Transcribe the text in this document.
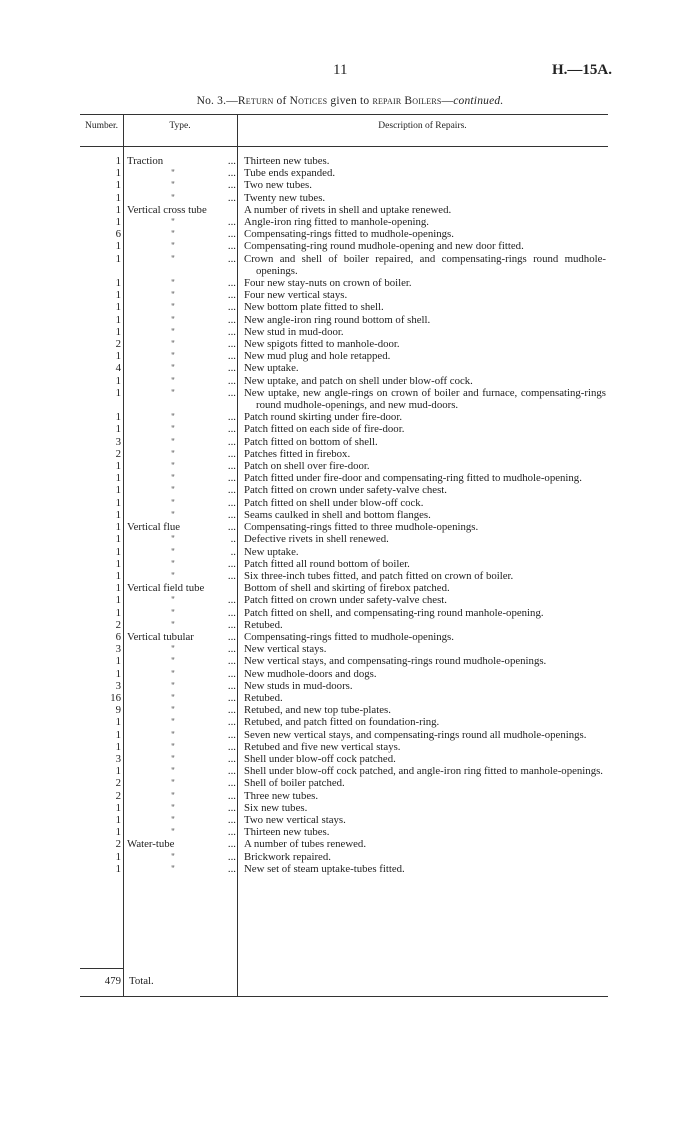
11	H.—15A.
No. 3.—Return of Notices given to repair Boilers—continued.
Number.	Type.	Description of Repairs.
1 Traction	... Thirteen new tubes.
1	"	... Tube ends expanded.
1	"	... Two new tubes.
1	"	... Twenty new tubes.
1 Vertical cross tube	A number of rivets in shell and uptake renewed.
1	"	... Angle-iron ring fitted to manhole-opening.
6	"	... Compensating-rings fitted to mudhole-openings.
1	"	... Compensating-ring round mudhole-opening and new door fitted.
1	"	... Crown and shell of boiler repaired, and compensating-rings round mudhole-openings.
1	"	... Four new stay-nuts on crown of boiler.
1	"	... Four new vertical stays.
1	"	... New bottom plate fitted to shell.
1	"	... New angle-iron ring round bottom of shell.
1	"	... New stud in mud-door.
2	"	... New spigots fitted to manhole-door.
1	"	... New mud plug and hole retapped.
4	"	... New uptake.
1	"	... New uptake, and patch on shell under blow-off cock.
1	"	... New uptake, new angle-rings on crown of boiler and furnace, compensating-rings round mudhole-openings, and new mud-doors.
1	"	... Patch round skirting under fire-door.
1	"	... Patch fitted on each side of fire-door.
3	"	... Patch fitted on bottom of shell.
2	"	... Patches fitted in firebox.
1	"	... Patch on shell over fire-door.
1	"	... Patch fitted under fire-door and compensating-ring fitted to mudhole-opening.
1	"	... Patch fitted on crown under safety-valve chest.
1	"	... Patch fitted on shell under blow-off cock.
1	"	... Seams caulked in shell and bottom flanges.
1 Vertical flue	... Compensating-rings fitted to three mudhole-openings.
1	"	.. Defective rivets in shell renewed.
1	"	.. New uptake.
1	"	... Patch fitted all round bottom of boiler.
1	"	... Six three-inch tubes fitted, and patch fitted on crown of boiler.
1 Vertical field tube	Bottom of shell and skirting of firebox patched.
1	"	... Patch fitted on crown under safety-valve chest.
1	"	... Patch fitted on shell, and compensating-ring round manhole-opening.
2	"	... Retubed.
6 Vertical tubular	... Compensating-rings fitted to mudhole-openings.
3	"	... New vertical stays.
1	"	... New vertical stays, and compensating-rings round mudhole-openings.
1	"	... New mudhole-doors and dogs.
3	"	... New studs in mud-doors.
16	"	... Retubed.
9	"	... Retubed, and new top tube-plates.
1	"	... Retubed, and patch fitted on foundation-ring.
1	"	... Seven new vertical stays, and compensating-rings round all mudhole-openings.
1	"	... Retubed and five new vertical stays.
3	"	... Shell under blow-off cock patched.
1	"	... Shell under blow-off cock patched, and angle-iron ring fitted to manhole-openings.
2	"	... Shell of boiler patched.
2	"	... Three new tubes.
1	"	... Six new tubes.
1	"	... Two new vertical stays.
1	"	... Thirteen new tubes.
2 Water-tube	... A number of tubes renewed.
1	"	... Brickwork repaired.
1	"	... New set of steam uptake-tubes fitted.
479 Total.
